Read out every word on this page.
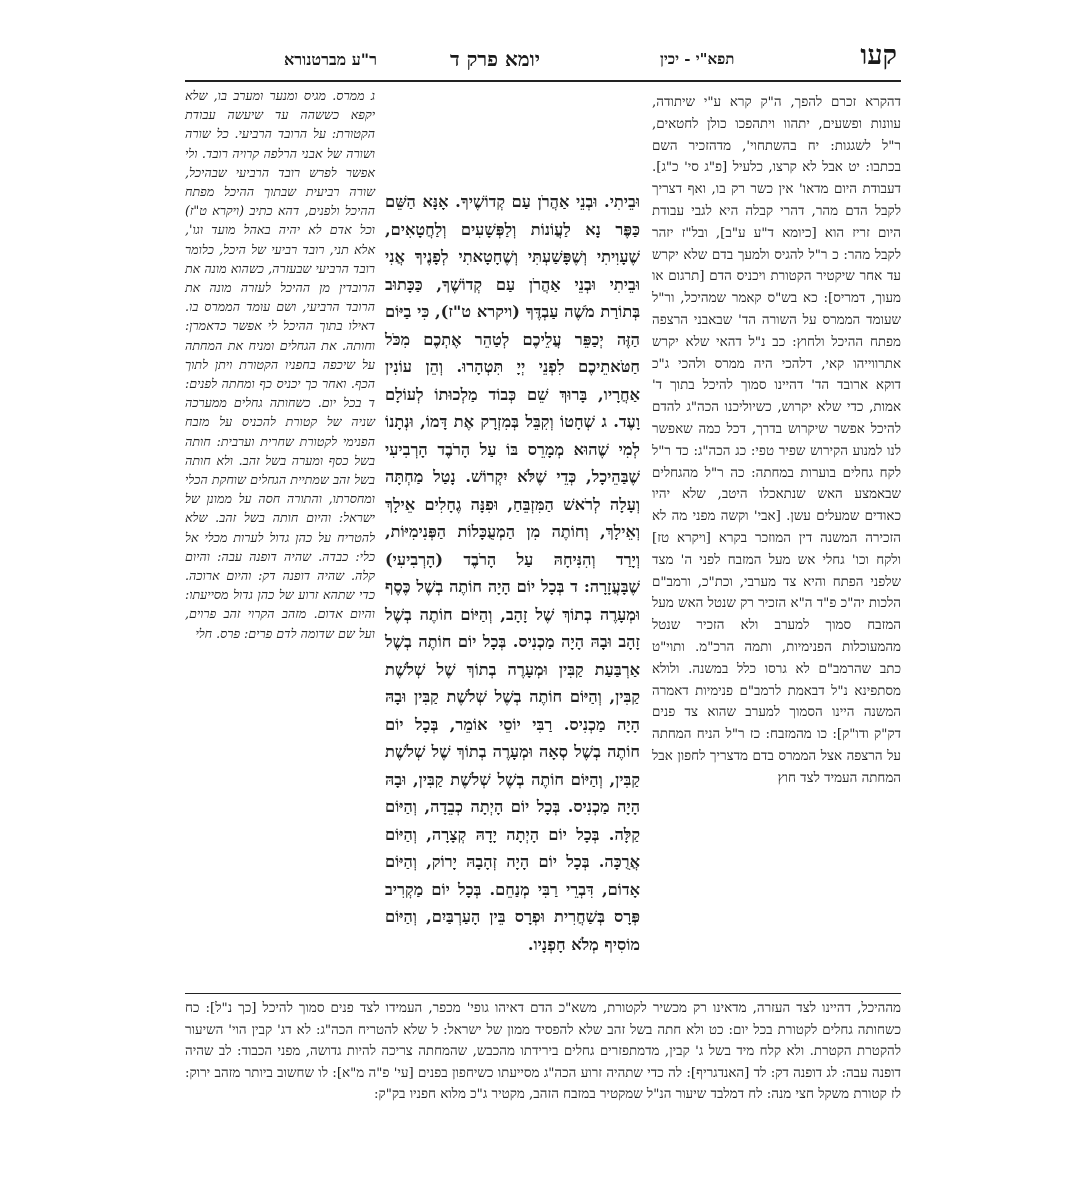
קעו
תפא"י - יכין
יומא פרק ד
ר"ע מברטנורא
דהקרא זכרם להפך, ה"ק קרא ע"י שיתודה, עוונות ופשעים, יתהוו ויתהפכו כולן לחטאים, ר"ל לשגגות: יח בהשתחוי', מדהזכיר השם בכתבו: יט אבל לא קרצו, כלעיל [פ"ג סי' כ"ג]. דעבודת היום מדאו' אין כשר רק בו, ואף דצריך לקבל הדם מהר, דהרי קבלה היא לגבי עבודת היום זריז הוא [כיומא ד"ע ע"ב], ובל"ז יזהר לקבל מהר: כ ר"ל להגיס ולמעך בדם שלא יקרש עד אחר שיקטיר הקטורת ויכניס הדם [תרגום או מעוך, דמריס]: כא בש"ס קאמר שמהיכל, ור"ל שעומד הממרס על השורה הד' שבאבני הרצפה מפתח ההיכל ולחוץ: כב נ"ל דהאי שלא יקרש אתרווייהו קאי, דלהכי היה ממרס ולהכי ג"כ דוקא ארובד הד' דהיינו סמוך להיכל בתוך ד' אמות, כדי שלא יקרוש, כשיוליכנו הכה"ג להדם להיכל אפשר שיקרוש בדרך, דכל כמה שאפשר לנו למנוע הקירוש שפיר טפי: כג הכה"ג: כד ר"ל לקח גחלים בוערות במחתה: כה ר"ל מהגחלים שבאמצע האש שנתאכלו היטב, שלא יהיו כאודים שמעלים עשן. [אבי' וקשה מפני מה לא הזכירה המשנה דין המוזכר בקרא [ויקרא טז] ולקח וכו' גחלי אש מעל המזבח לפני ה' מצד שלפני הפתח והיא צד מערבי, וכת"כ, ורמב"ם הלכות יה"כ פ"ד ה"א הזכיר רק שנטל האש מעל המזבח סמוך למערב ולא הזכיר שנטל מהמעוכלות הפנימיות, ותמה הרכ"מ. ותוי"ט כתב שהרמב"ם לא גרסו כלל במשנה. ולולא מסתפינא נ"ל דבאמת לרמב"ם פנימיות דאמרה המשנה היינו הסמוך למערב שהוא צד פנים דק"ק ודו"ק]: כו מהמזבח: כז ר"ל הניח המחתה על הרצפה אצל הממרס בדם מדצריך לחפון אבל המחתה העמיד לצד חוץ
ג ממרס. מגיס ומנער ומערב בו, שלא יקפא כששהה עד שיעשה עבודת הקטורת: על הרובד הרביעי. כל שורה ושורה של אבני הרלפה קרויה רובד. ולי אפשר לפרש רובד הרביעי שבהיכל, שורה רביעית שבתוך ההיכל מפתח ההיכל ולפנים, דהא כתיב (ויקרא ט"ז) וכל אדם לא יהיה באהל מועד וגו', אלא תני, רובד רביעי של היכל, כלומר רובד הרביעי שבעזרה, כשהוא מונה את הרובדין מן ההיכל לעזרה מונה את הרובד הרביעי, ושם עומד הממרס בו. דאילו בתוך ההיכל לי אפשר כדאמרן: וחותה. את הגחלים ומניח את המחתה על שיכפה בחפניו הקטורת ויתן לתוך הכף. ואחר כך יכניס כף ומחתה לפנים: ד בכל יום. כשחותה גחלים ממערכה שניה של קטורת להכניס על מזבח הפנימי לקטורת שחרית וערבית: חותה בשל כסף ומערה בשל זהב. ולא חותה בשל זהב שמתיית הגחלים שוחקת הכלי ומחסרתו, והתורה חסה על ממונן של ישראל: והיום חותה בשל זהב. שלא להטריח על כהן גדול לערות מכלי אל כלי: כבדה. שהיה דופנה עבה: והיום קלה. שהיה דופנה דק: והיום ארוכה. כדי שתהא זרוע של כהן גדול מסייעתו: והיום אדום. מזהב הקרוי זהב פרוים, ועל שם שדומה לדם פרים: פרס. חלי
וּבֵיתִי. וּבְנֵי אַהֲרֹן עַם קְדוֹשֶׁיךָ. אָנָּא הַשֵּׁם כַּפֶּר נָא לַעֲוֹנוֹת וְלַפְּשָׁעִים וְלַחֲטָאִים, שֶׁעָוִיתִי וְשֶׁפָּשַׁעְתִּי וְשֶׁחָטָאתִי לְפָנֶיךָ אֲנִי וּבֵיתִי וּבְנֵי אַהֲרֹן עַם קְדוֹשֶׁךָ, כַּכָּתוּב בְּתוֹרַת מֹשֶׁה עַבְדֶּךָ (ויקרא ט"ז), כִּי בַיּוֹם הַזֶּה יְכַפֵּר עֲלֵיכֶם לְטַהֵר אֶתְכֶם מִכֹּל חַטֹּאתֵיכֶם לִפְנֵי יְיָ תִּטְהָרוּ. וְהֵן עוֹנִין אַחֲרָיו, בָּרוּךְ שֵׁם כְּבוֹד מַלְכוּתוֹ לְעוֹלָם וָעֶד. ג שְׁחָטוֹ וְקִבֵּל בְּמִזְרָק אֶת דָּמוֹ, וּנְתָנוֹ לְמִי שֶׁהוּא מְמָרֵס בּוֹ עַל הָרֹבֶד הָרְבִיעִי שֶׁבַּהֵיכָל, כְּדֵי שֶׁלֹּא יִקְרוֹשׁ. נָטַל מַחְתָּה וְעָלָה לְרֹאשׁ הַמִּזְבֵּחַ, וּפִנָּה גֶחָלִים אֵילָךְ וְאֵילָךְ, וְחוֹתֶה מִן הַמְעֻכָּלוֹת הַפְּנִימִיּוֹת, וְיָרַד וְהִנִּיחָהּ עַל הָרֹבֶד (הָרְבִיעִי) שֶׁבָּעֲזָרָה: ד בְּכָל יוֹם הָיָה חוֹתֶה בְשֶׁל כֶּסֶף וּמְעָרֶה בְתוֹךְ שֶׁל זָהָב, וְהַיּוֹם חוֹתֶה בְשֶׁל זָהָב וּבָהּ הָיָה מַכְנִיס. בְּכָל יוֹם חוֹתֶה בְשֶׁל אַרְבַּעַת קַבִּין וּמְעָרֶה בְתוֹךְ שֶׁל שְׁלֹשֶׁת קַבִּין, וְהַיּוֹם חוֹתֶה בְשֶׁל שְׁלֹשֶׁת קַבִּין וּבָהּ הָיָה מַכְנִיס. רַבִּי יוֹסֵי אוֹמֵר, בְּכָל יוֹם חוֹתֶה בְשֶׁל סְאָה וּמְעָרֶה בְתוֹךְ שֶׁל שְׁלֹשֶׁת קַבִּין, וְהַיּוֹם חוֹתֶה בְשֶׁל שְׁלֹשֶׁת קַבִּין, וּבָהּ הָיָה מַכְנִיס. בְּכָל יוֹם הָיְתָה כְבֵדָה, וְהַיּוֹם קַלָּה. בְּכָל יוֹם הָיְתָה יָדָהּ קְצָרָה, וְהַיּוֹם אֲרֻכָּה. בְּכָל יוֹם הָיָה זְהָבָהּ יָרוֹק, וְהַיּוֹם אָדוֹם, דִּבְרֵי רַבִּי מְנַחֵם. בְּכָל יוֹם מַקְרִיב פְּרָס בְּשַׁחֲרִית וּפְרָס בֵּין הָעַרְבַּיִם, וְהַיּוֹם מוֹסִיף מְלֹא חָפְנָיו.
מההיכל, דהיינו לצד העזרה, מדאינו רק מכשיר לקטורת, משא"כ הדם דאיהו גופי' מכפר, העמידו לצד פנים סמוך להיכל [כך נ"ל]: כח כשחותה גחלים לקטורת בכל יום: כט ולא חתה בשל זהב שלא להפסיד ממון של ישראל: ל שלא להטריח הכה"ג: לא דג' קבין הוי' השיעור להקטרת הקטרת. ולא קלח מיד בשל ג' קבין, מדמתפזרים גחלים בירידתו מהכבש, שהמחתה צריכה להיות גדושה, מפני הכבוד: לב שהיה דופנה עבה: לג דופנה דק: לד [האנדגריף]: לה כדי שתהיה זרוע הכה"ג מסייעתו כשיחפון בפנים [עי' פ"ה מ"א]: לו שחשוב ביותר מזהב ירוק: לז קטורת משקל חצי מנה: לח דמלבד שיעור הנ"ל שמקטיר במזבח הזהב, מקטיר ג"כ מלוא חפניו בק"ק:
